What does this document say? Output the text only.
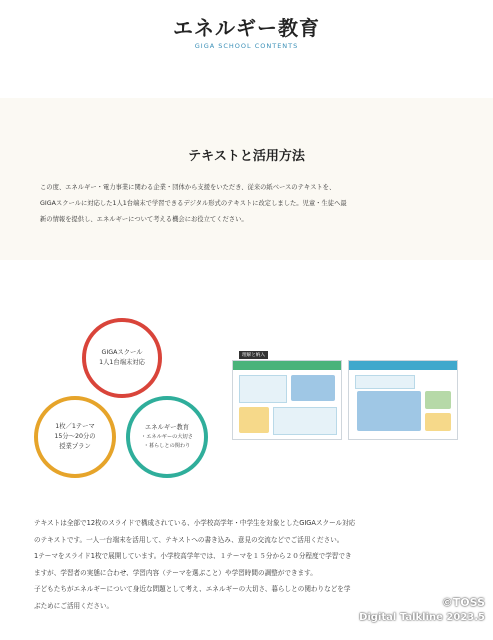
エネルギー教育
GIGA SCHOOL CONTENTS
テキストと活用方法
この度、エネルギー・電力事業に関わる企業・団体から支援をいただき、従来の紙ベースのテキストを、
GIGAスクールに対応した1人1台端末で学習できるデジタル形式のテキストに改定しました。児童・生徒へ最
新の情報を提供し、エネルギーについて考える機会にお役立てください。
GIGAスクール
1人1台端末対応
1枚／1テーマ
15分〜20分の
授業プラン
エネルギー教育
・エネルギーの大切さ
・暮らしとの関わり
理解と納入
テキストは全部で12枚のスライドで構成されている、小学校高学年・中学生を対象としたGIGAスクール対応
のテキストです。一人一台端末を活用して、テキストへの書き込み、意見の交流などでご活用ください。
1テーマをスライド1枚で展開しています。小学校高学年では、１テーマを１５分から２０分程度で学習でき
ますが、学習者の実態に合わせ、学習内容（テーマを選ぶこと）や学習時間の調整ができます。
子どもたちがエネルギーについて身近な問題として考え、エネルギーの大切さ、暮らしとの関わりなどを学
ぶためにご活用ください。	©TOSS
Digital Talkline 2023.5
